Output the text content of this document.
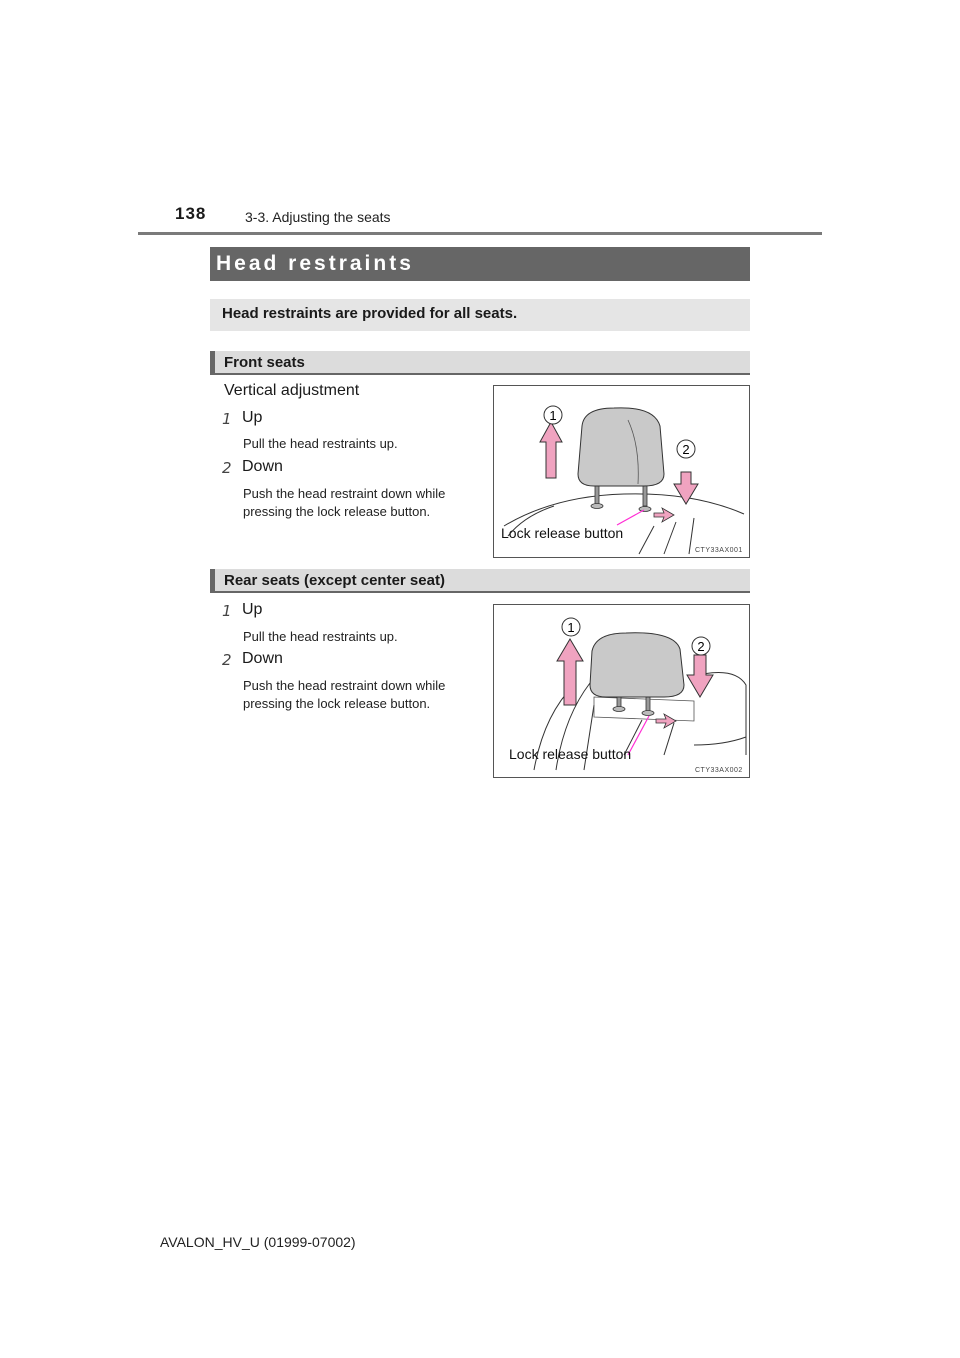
138	3-3. Adjusting the seats
Head restraints
Head restraints are provided for all seats.
Front seats
Vertical adjustment
1 Up
Pull the head restraints up.
2 Down
Push the head restraint down while
pressing the lock release button.
1
2
Lock release button
CTY33AX001
Rear seats (except center seat)
1 Up
Pull the head restraints up.
2 Down
Push the head restraint down while
pressing the lock release button.
1
2
Lock release button
CTY33AX002
AVALON_HV_U (01999-07002)
